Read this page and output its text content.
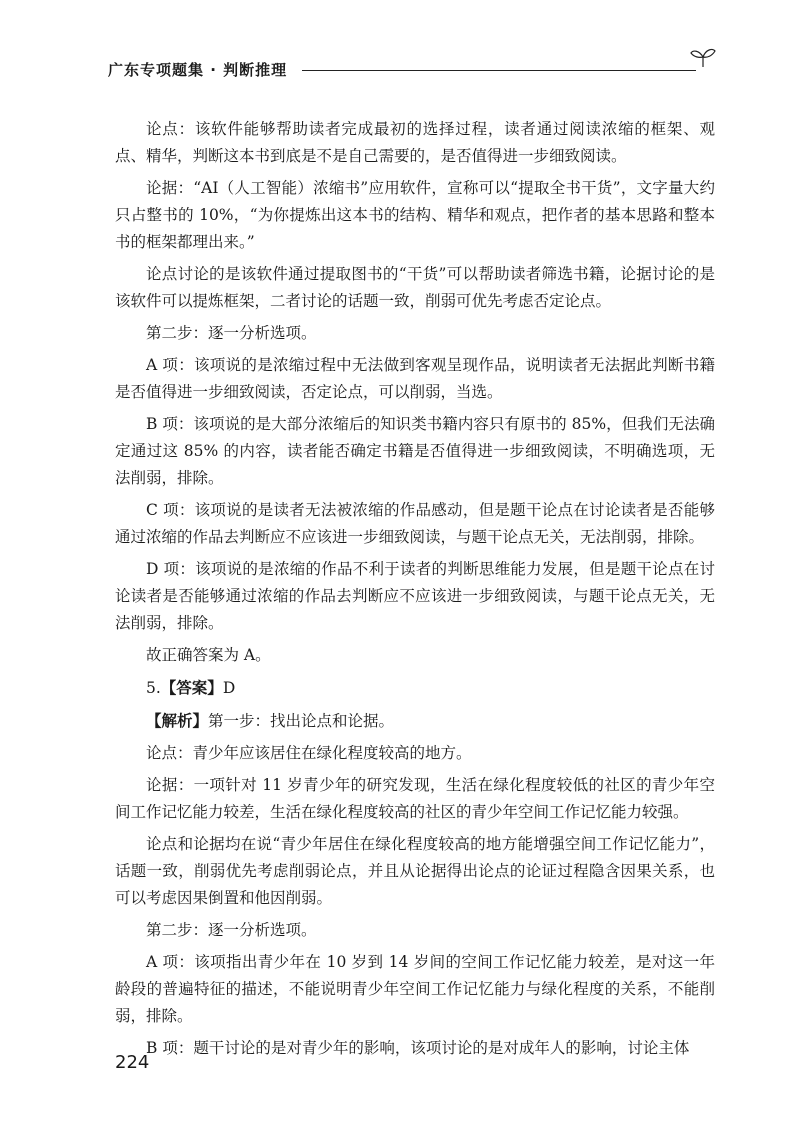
广东专项题集 · 判断推理

论点：该软件能够帮助读者完成最初的选择过程，读者通过阅读浓缩的框架、观点、精华，判断这本书到底是不是自己需要的，是否值得进一步细致阅读。

论据：“AI（人工智能）浓缩书”应用软件，宣称可以“提取全书干货”，文字量大约只占整书的 10%，“为你提炼出这本书的结构、精华和观点，把作者的基本思路和整本书的框架都理出来。”

论点讨论的是该软件通过提取图书的“干货”可以帮助读者筛选书籍，论据讨论的是该软件可以提炼框架，二者讨论的话题一致，削弱可优先考虑否定论点。

第二步：逐一分析选项。

A 项：该项说的是浓缩过程中无法做到客观呈现作品，说明读者无法据此判断书籍是否值得进一步细致阅读，否定论点，可以削弱，当选。

B 项：该项说的是大部分浓缩后的知识类书籍内容只有原书的 85%，但我们无法确定通过这 85% 的内容，读者能否确定书籍是否值得进一步细致阅读，不明确选项，无法削弱，排除。

C 项：该项说的是读者无法被浓缩的作品感动，但是题干论点在讨论读者是否能够通过浓缩的作品去判断应不应该进一步细致阅读，与题干论点无关，无法削弱，排除。

D 项：该项说的是浓缩的作品不利于读者的判断思维能力发展，但是题干论点在讨论读者是否能够通过浓缩的作品去判断应不应该进一步细致阅读，与题干论点无关，无法削弱，排除。

故正确答案为 A。

5.【答案】D

【解析】第一步：找出论点和论据。

论点：青少年应该居住在绿化程度较高的地方。

论据：一项针对 11 岁青少年的研究发现，生活在绿化程度较低的社区的青少年空间工作记忆能力较差，生活在绿化程度较高的社区的青少年空间工作记忆能力较强。

论点和论据均在说“青少年居住在绿化程度较高的地方能增强空间工作记忆能力”，话题一致，削弱优先考虑削弱论点，并且从论据得出论点的论证过程隐含因果关系，也可以考虑因果倒置和他因削弱。

第二步：逐一分析选项。

A 项：该项指出青少年在 10 岁到 14 岁间的空间工作记忆能力较差，是对这一年龄段的普遍特征的描述，不能说明青少年空间工作记忆能力与绿化程度的关系，不能削弱，排除。

B 项：题干讨论的是对青少年的影响，该项讨论的是对成年人的影响，讨论主体

224
